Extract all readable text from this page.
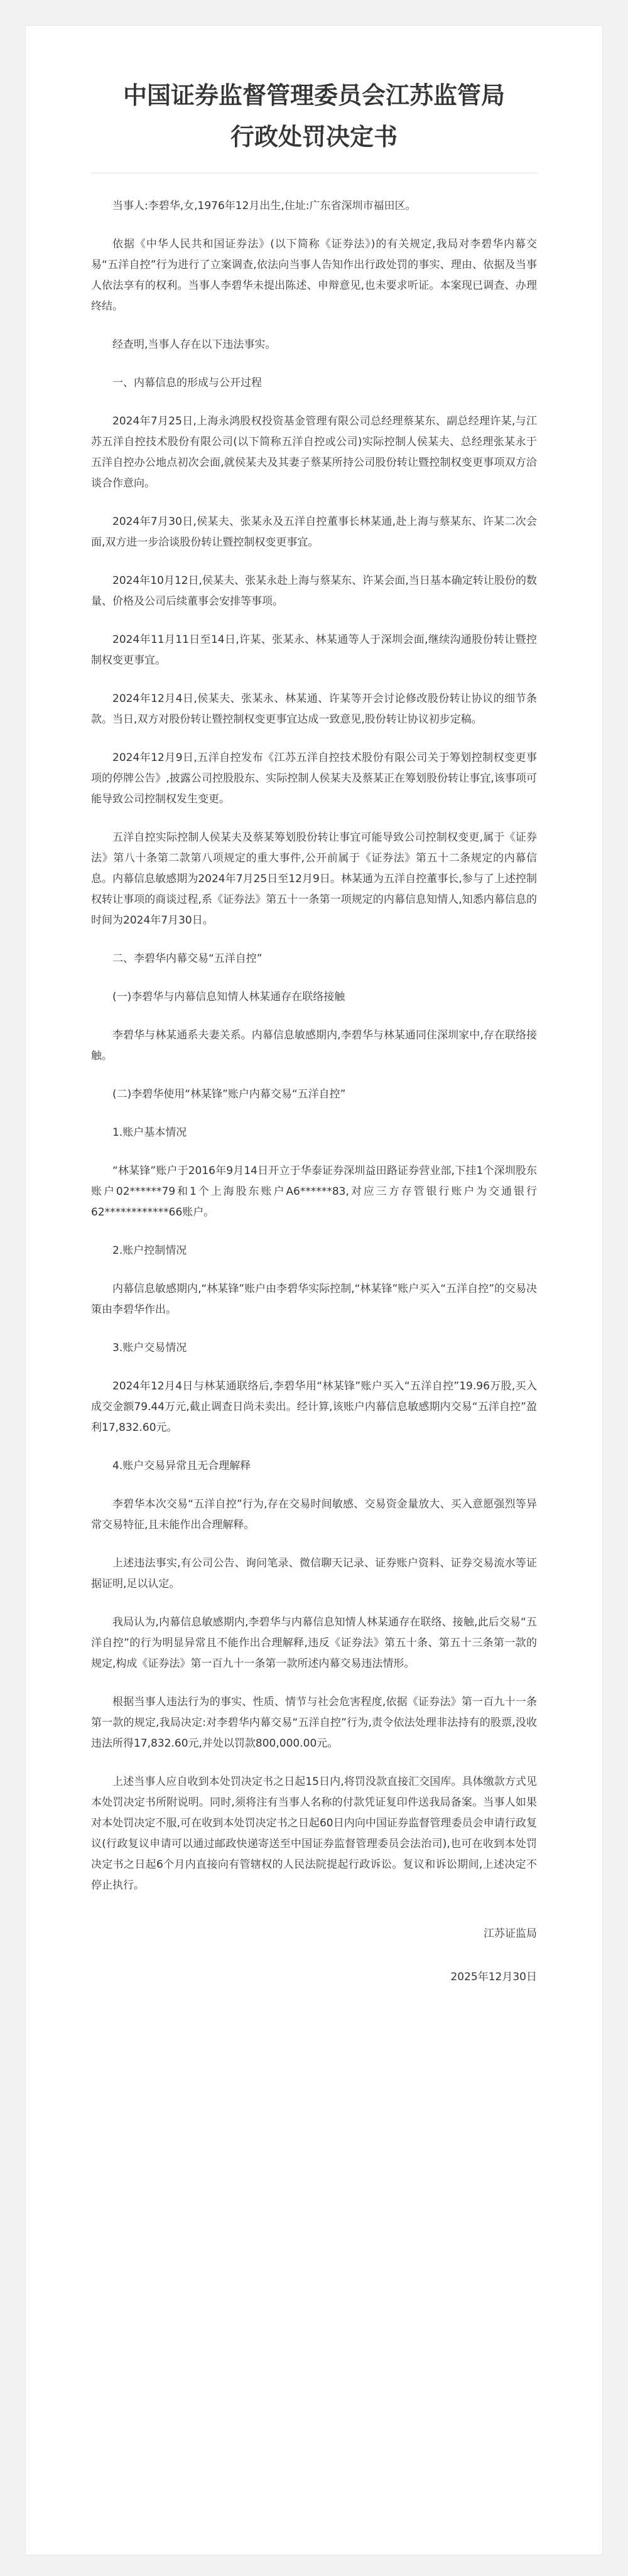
中国证券监督管理委员会江苏监管局
行政处罚决定书

当事人:李碧华,女,1976年12月出生,住址:广东省深圳市福田区。

依据《中华人民共和国证券法》(以下简称《证券法》)的有关规定,我局对李碧华内幕交易“五洋自控”行为进行了立案调查,依法向当事人告知作出行政处罚的事实、理由、依据及当事人依法享有的权利。当事人李碧华未提出陈述、申辩意见,也未要求听证。本案现已调查、办理终结。

经查明,当事人存在以下违法事实。

一、内幕信息的形成与公开过程

2024年7月25日,上海永鸿股权投资基金管理有限公司总经理蔡某东、副总经理许某,与江苏五洋自控技术股份有限公司(以下简称五洋自控或公司)实际控制人侯某夫、总经理张某永于五洋自控办公地点初次会面,就侯某夫及其妻子蔡某所持公司股份转让暨控制权变更事项双方洽谈合作意向。

2024年7月30日,侯某夫、张某永及五洋自控董事长林某通,赴上海与蔡某东、许某二次会面,双方进一步洽谈股份转让暨控制权变更事宜。

2024年10月12日,侯某夫、张某永赴上海与蔡某东、许某会面,当日基本确定转让股份的数量、价格及公司后续董事会安排等事项。

2024年11月11日至14日,许某、张某永、林某通等人于深圳会面,继续沟通股份转让暨控制权变更事宜。

2024年12月4日,侯某夫、张某永、林某通、许某等开会讨论修改股份转让协议的细节条款。当日,双方对股份转让暨控制权变更事宜达成一致意见,股份转让协议初步定稿。

2024年12月9日,五洋自控发布《江苏五洋自控技术股份有限公司关于筹划控制权变更事项的停牌公告》,披露公司控股股东、实际控制人侯某夫及蔡某正在筹划股份转让事宜,该事项可能导致公司控制权发生变更。

五洋自控实际控制人侯某夫及蔡某筹划股份转让事宜可能导致公司控制权变更,属于《证券法》第八十条第二款第八项规定的重大事件,公开前属于《证券法》第五十二条规定的内幕信息。内幕信息敏感期为2024年7月25日至12月9日。林某通为五洋自控董事长,参与了上述控制权转让事项的商谈过程,系《证券法》第五十一条第一项规定的内幕信息知情人,知悉内幕信息的时间为2024年7月30日。

二、李碧华内幕交易“五洋自控”

(一)李碧华与内幕信息知情人林某通存在联络接触

李碧华与林某通系夫妻关系。内幕信息敏感期内,李碧华与林某通同住深圳家中,存在联络接触。

(二)李碧华使用“林某锋”账户内幕交易“五洋自控”

1.账户基本情况

“林某锋”账户于2016年9月14日开立于华泰证券深圳益田路证券营业部,下挂1个深圳股东账户02******79和1个上海股东账户A6******83,对应三方存管银行账户为交通银行62************66账户。

2.账户控制情况

内幕信息敏感期内,“林某锋”账户由李碧华实际控制,“林某锋”账户买入“五洋自控”的交易决策由李碧华作出。

3.账户交易情况

2024年12月4日与林某通联络后,李碧华用“林某锋”账户买入“五洋自控”19.96万股,买入成交金额79.44万元,截止调查日尚未卖出。经计算,该账户内幕信息敏感期内交易“五洋自控”盈利17,832.60元。

4.账户交易异常且无合理解释

李碧华本次交易“五洋自控”行为,存在交易时间敏感、交易资金量放大、买入意愿强烈等异常交易特征,且未能作出合理解释。

上述违法事实,有公司公告、询问笔录、微信聊天记录、证券账户资料、证券交易流水等证据证明,足以认定。

我局认为,内幕信息敏感期内,李碧华与内幕信息知情人林某通存在联络、接触,此后交易“五洋自控”的行为明显异常且不能作出合理解释,违反《证券法》第五十条、第五十三条第一款的规定,构成《证券法》第一百九十一条第一款所述内幕交易违法情形。

根据当事人违法行为的事实、性质、情节与社会危害程度,依据《证券法》第一百九十一条第一款的规定,我局决定:对李碧华内幕交易“五洋自控”行为,责令依法处理非法持有的股票,没收违法所得17,832.60元,并处以罚款800,000.00元。

上述当事人应自收到本处罚决定书之日起15日内,将罚没款直接汇交国库。具体缴款方式见本处罚决定书所附说明。同时,须将注有当事人名称的付款凭证复印件送我局备案。当事人如果对本处罚决定不服,可在收到本处罚决定书之日起60日内向中国证券监督管理委员会申请行政复议(行政复议申请可以通过邮政快递寄送至中国证券监督管理委员会法治司),也可在收到本处罚决定书之日起6个月内直接向有管辖权的人民法院提起行政诉讼。复议和诉讼期间,上述决定不停止执行。

江苏证监局
2025年12月30日
